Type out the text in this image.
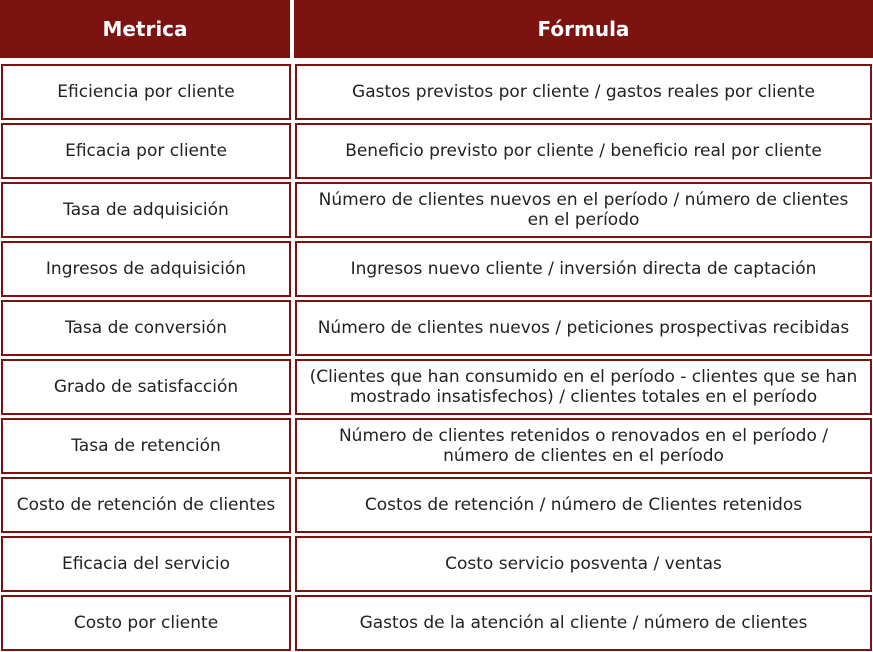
Metrica	Fórmula
Eficiencia por cliente	Gastos previstos por cliente / gastos reales por cliente
Eficacia por cliente	Beneficio previsto por cliente / beneficio real por cliente
Tasa de adquisición	Número de clientes nuevos en el período / número de clientes en el período
Ingresos de adquisición	Ingresos nuevo cliente / inversión directa de captación
Tasa de conversión	Número de clientes nuevos / peticiones prospectivas recibidas
Grado de satisfacción	(Clientes que han consumido en el período - clientes que se han mostrado insatisfechos) / clientes totales en el período
Tasa de retención	Número de clientes retenidos o renovados en el período / número de clientes en el período
Costo de retención de clientes	Costos de retención / número de Clientes retenidos
Eficacia del servicio	Costo servicio posventa / ventas
Costo por cliente	Gastos de la atención al cliente / número de clientes
